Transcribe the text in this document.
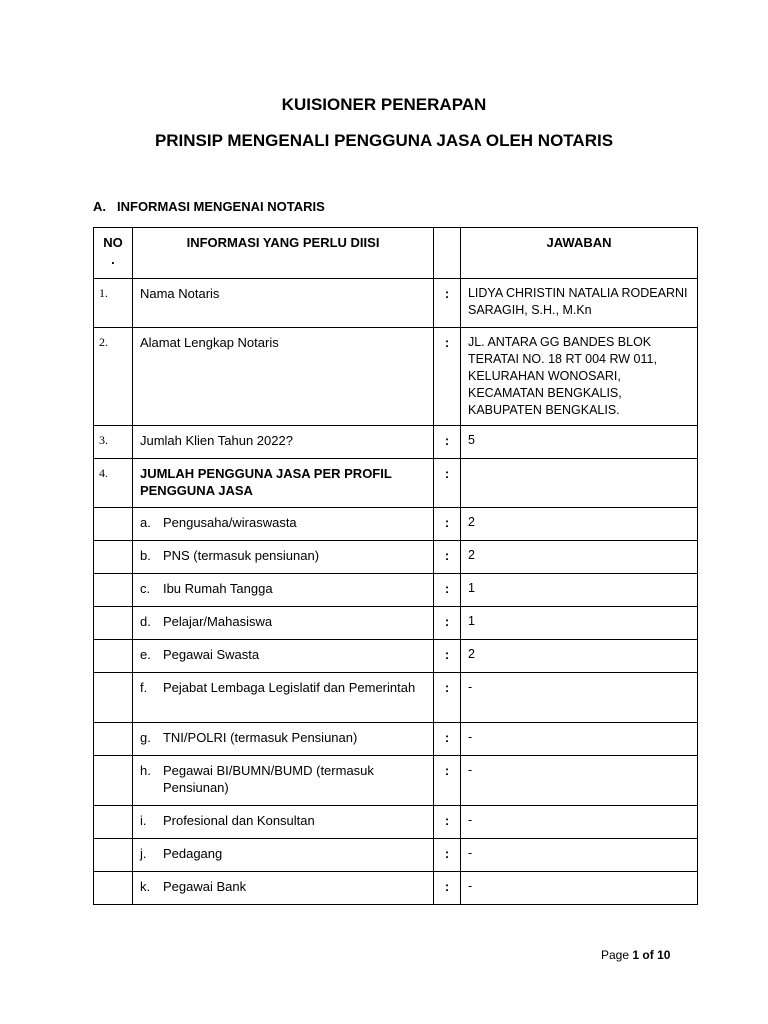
KUISIONER PENERAPAN
PRINSIP MENGENALI PENGGUNA JASA OLEH NOTARIS
A. INFORMASI MENGENAI NOTARIS
NO .	INFORMASI YANG PERLU DIISI		JAWABAN
1.	Nama Notaris	:	LIDYA CHRISTIN NATALIA RODEARNI SARAGIH, S.H., M.Kn
2.	Alamat Lengkap Notaris	:	JL. ANTARA GG BANDES BLOK TERATAI NO. 18 RT 004 RW 011, KELURAHAN WONOSARI, KECAMATAN BENGKALIS, KABUPATEN BENGKALIS.
3.	Jumlah Klien Tahun 2022?	:	5
4.	JUMLAH PENGGUNA JASA PER PROFIL PENGGUNA JASA	:	

	a. Pengusaha/wiraswasta	:	2

	b. PNS (termasuk pensiunan)	:	2

	c. Ibu Rumah Tangga	:	1

	d. Pelajar/Mahasiswa	:	1

	e. Pegawai Swasta	:	2

	f. Pejabat Lembaga Legislatif dan Pemerintah	:	-

	g. TNI/POLRI (termasuk Pensiunan)	:	-

	h. Pegawai BI/BUMN/BUMD (termasuk Pensiunan)	:	-

	i. Profesional dan Konsultan	:	-

	j. Pedagang	:	-

	k. Pegawai Bank	:	-
Page 1 of 10
